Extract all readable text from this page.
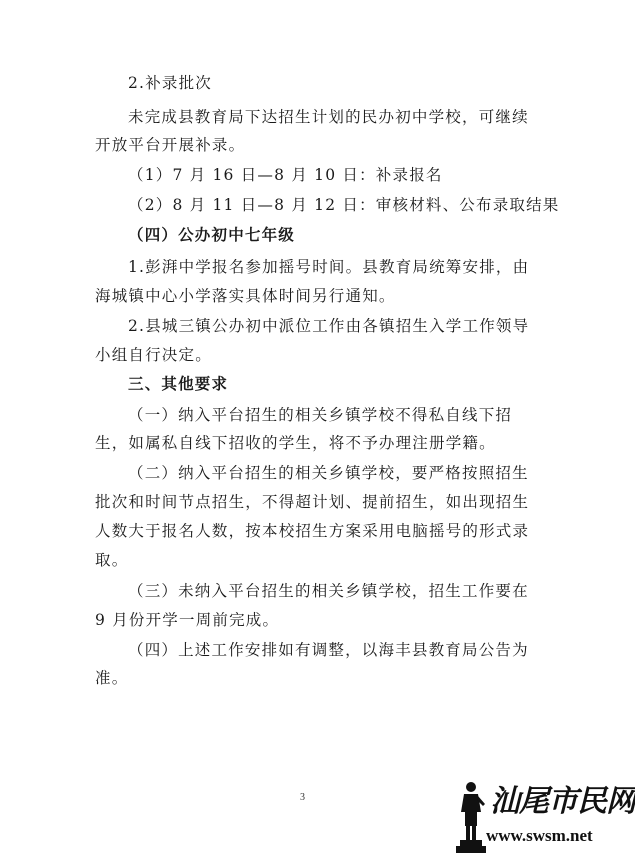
2.补录批次
未完成县教育局下达招生计划的民办初中学校，可继续
开放平台开展补录。
（1）7 月 16 日—8 月 10 日：补录报名
（2）8 月 11 日—8 月 12 日：审核材料、公布录取结果
（四）公办初中七年级
1.彭湃中学报名参加摇号时间。县教育局统筹安排，由
海城镇中心小学落实具体时间另行通知。
2.县城三镇公办初中派位工作由各镇招生入学工作领导
小组自行决定。
三、其他要求
（一）纳入平台招生的相关乡镇学校不得私自线下招
生，如属私自线下招收的学生，将不予办理注册学籍。
（二）纳入平台招生的相关乡镇学校，要严格按照招生
批次和时间节点招生，不得超计划、提前招生，如出现招生
人数大于报名人数，按本校招生方案采用电脑摇号的形式录
取。
（三）未纳入平台招生的相关乡镇学校，招生工作要在
9 月份开学一周前完成。
（四）上述工作安排如有调整，以海丰县教育局公告为
准。
3	汕尾市民网
www.swsm.net
